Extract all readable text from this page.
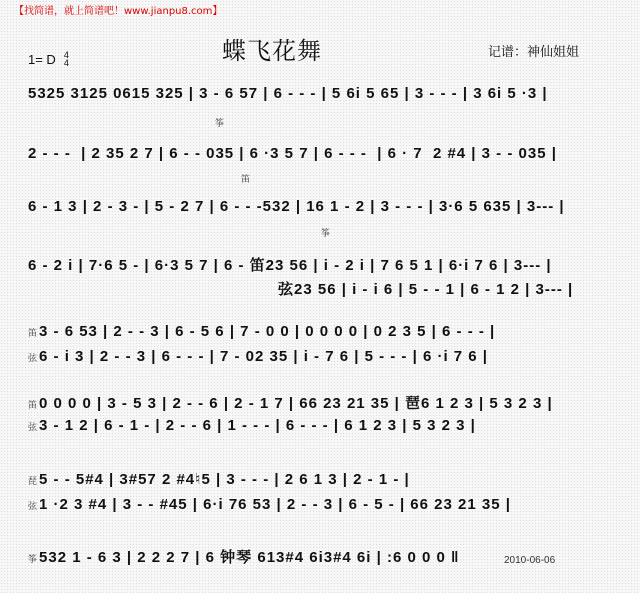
【找简谱，就上简谱吧！www.jianpu8.com】
1= D 4
4	蝶飞花舞	记谱：神仙姐姐
5325 3125 0615 325 | 3 - 6 57 | 6 - - - | 5 6i 5 65 | 3 - - - | 3 6i 5 ·3 |
筝
2 - - -  | 2 35 2 7 | 6 - - 035 | 6 ·3 5 7 | 6 - - -  | 6 · 7  2 #4 | 3 - - 035 |
笛
6 - 1 3 | 2 - 3 - | 5 - 2 7 | 6 - - -532 | 16 1 - 2 | 3 - - - | 3·6 5 635 | 3--- |
筝
6 - 2 i | 7·6 5 - | 6·3 5 7 | 6 - 笛23 56 | i - 2 i | 7 6 5 1 | 6·i 7 6 | 3--- |
弦23 56 | i - i 6 | 5 - - 1 | 6 - 1 2 | 3--- |
笛3 - 6 53 | 2 - - 3 | 6 - 5 6 | 7 - 0 0 | 0 0 0 0 | 0 2 3 5 | 6 - - - |
弦6 - i 3 | 2 - - 3 | 6 - - - | 7 - 02 35 | i - 7 6 | 5 - - - | 6 ·i 7 6 |
笛0 0 0 0 | 3 - 5 3 | 2 - - 6 | 2 - 1 7 | 66 23 21 35 | 琶6 1 2 3 | 5 3 2 3 |
弦3 - 1 2 | 6 - 1 - | 2 - - 6 | 1 - - - | 6 - - - | 6 1 2 3 | 5 3 2 3 |
琵5 - - 5#4 | 3#57 2 #4♮5 | 3 - - - | 2 6 1 3 | 2 - 1 - |
弦1 ·2 3 #4 | 3 - - #45 | 6·i 76 53 | 2 - - 3 | 6 - 5 - | 66 23 21 35 |
筝532 1 - 6 3 | 2 2 2 7 | 6 钟琴 613#4 6i3#4 6i | :6 0 0 0 ‖	2010-06-06
